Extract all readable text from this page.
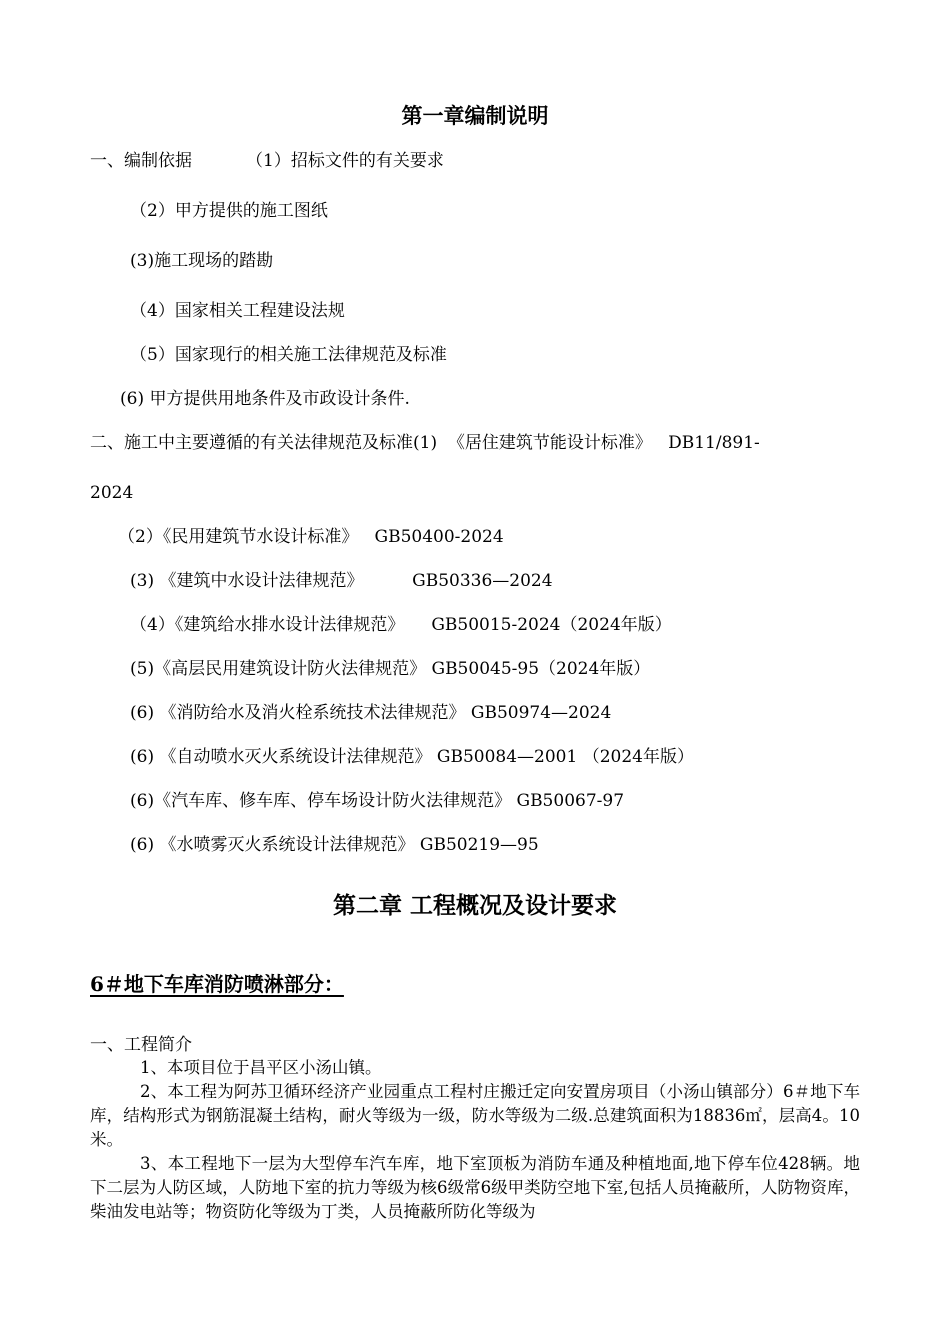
第一章编制说明
一、编制依据	（1）招标文件的有关要求
（2）甲方提供的施工图纸
(3)施工现场的踏勘
（4）国家相关工程建设法规
（5）国家现行的相关施工法律规范及标准
(6) 甲方提供用地条件及市政设计条件.
二、施工中主要遵循的有关法律规范及标准(1)  《居住建筑节能设计标准》   DB11/891-
2024
（2）《民用建筑节水设计标准》   GB50400-2024
(3) 《建筑中水设计法律规范》         GB50336—2024
（4）《建筑给水排水设计法律规范》     GB50015-2024（2024年版）
(5)《高层民用建筑设计防火法律规范》 GB50045-95（2024年版）
(6) 《消防给水及消火栓系统技术法律规范》 GB50974—2024
(6) 《自动喷水灭火系统设计法律规范》 GB50084—2001 （2024年版）
(6)《汽车库、修车库、停车场设计防火法律规范》 GB50067-97
(6) 《水喷雾灭火系统设计法律规范》 GB50219—95
第二章 工程概况及设计要求
6＃地下车库消防喷淋部分：
一、工程简介
1、本项目位于昌平区小汤山镇。
2、本工程为阿苏卫循环经济产业园重点工程村庄搬迁定向安置房项目（小汤山镇部分）6＃地下车库，结构形式为钢筋混凝土结构，耐火等级为一级，防水等级为二级.总建筑面积为18836㎡，层高4。10米。
3、本工程地下一层为大型停车汽车库，地下室顶板为消防车通及种植地面,地下停车位428辆。地下二层为人防区域，人防地下室的抗力等级为核6级常6级甲类防空地下室,包括人员掩蔽所，人防物资库，柴油发电站等；物资防化等级为丁类，人员掩蔽所防化等级为
